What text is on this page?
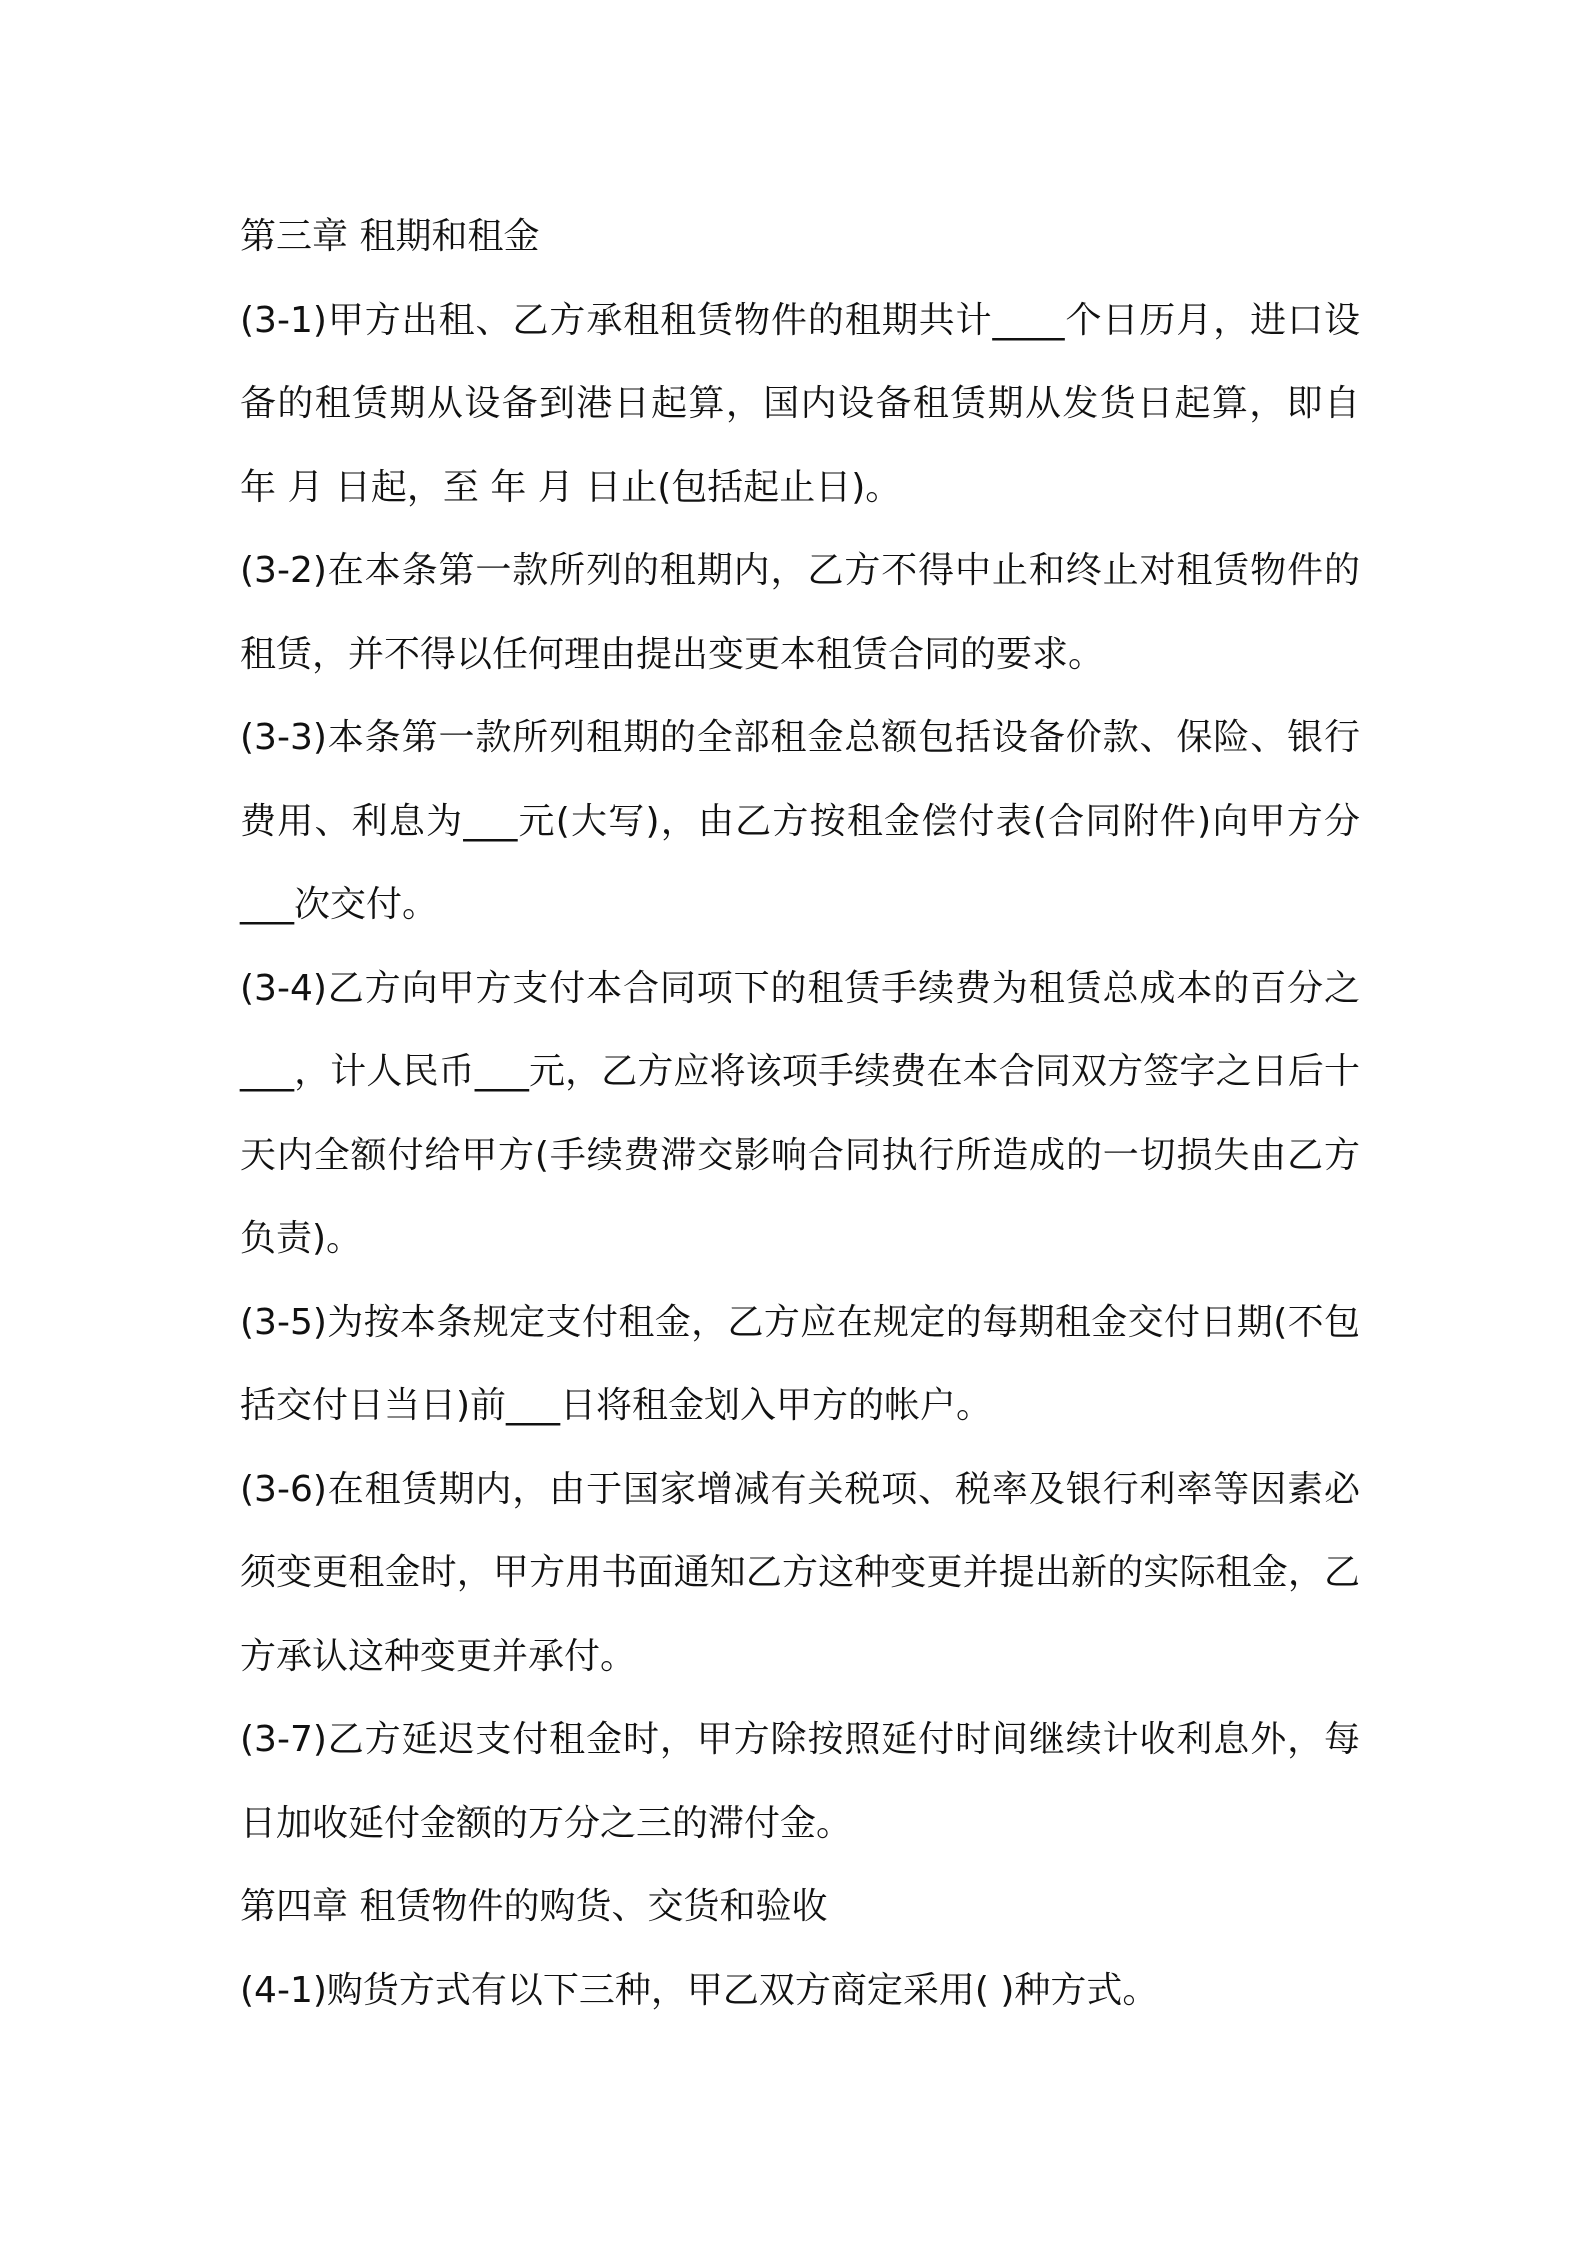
第三章 租期和租金

(3-1)甲方出租、乙方承租租赁物件的租期共计____个日历月，进口设备的租赁期从设备到港日起算，国内设备租赁期从发货日起算，即自 年 月 日起，至 年 月 日止(包括起止日)。

(3-2)在本条第一款所列的租期内，乙方不得中止和终止对租赁物件的租赁，并不得以任何理由提出变更本租赁合同的要求。

(3-3)本条第一款所列租期的全部租金总额包括设备价款、保险、银行费用、利息为___元(大写)，由乙方按租金偿付表(合同附件)向甲方分___次交付。

(3-4)乙方向甲方支付本合同项下的租赁手续费为租赁总成本的百分之___，计人民币___元，乙方应将该项手续费在本合同双方签字之日后十天内全额付给甲方(手续费滞交影响合同执行所造成的一切损失由乙方负责)。

(3-5)为按本条规定支付租金，乙方应在规定的每期租金交付日期(不包括交付日当日)前___日将租金划入甲方的帐户。

(3-6)在租赁期内，由于国家增减有关税项、税率及银行利率等因素必须变更租金时，甲方用书面通知乙方这种变更并提出新的实际租金，乙方承认这种变更并承付。

(3-7)乙方延迟支付租金时，甲方除按照延付时间继续计收利息外，每日加收延付金额的万分之三的滞付金。

第四章 租赁物件的购货、交货和验收

(4-1)购货方式有以下三种，甲乙双方商定采用( )种方式。
